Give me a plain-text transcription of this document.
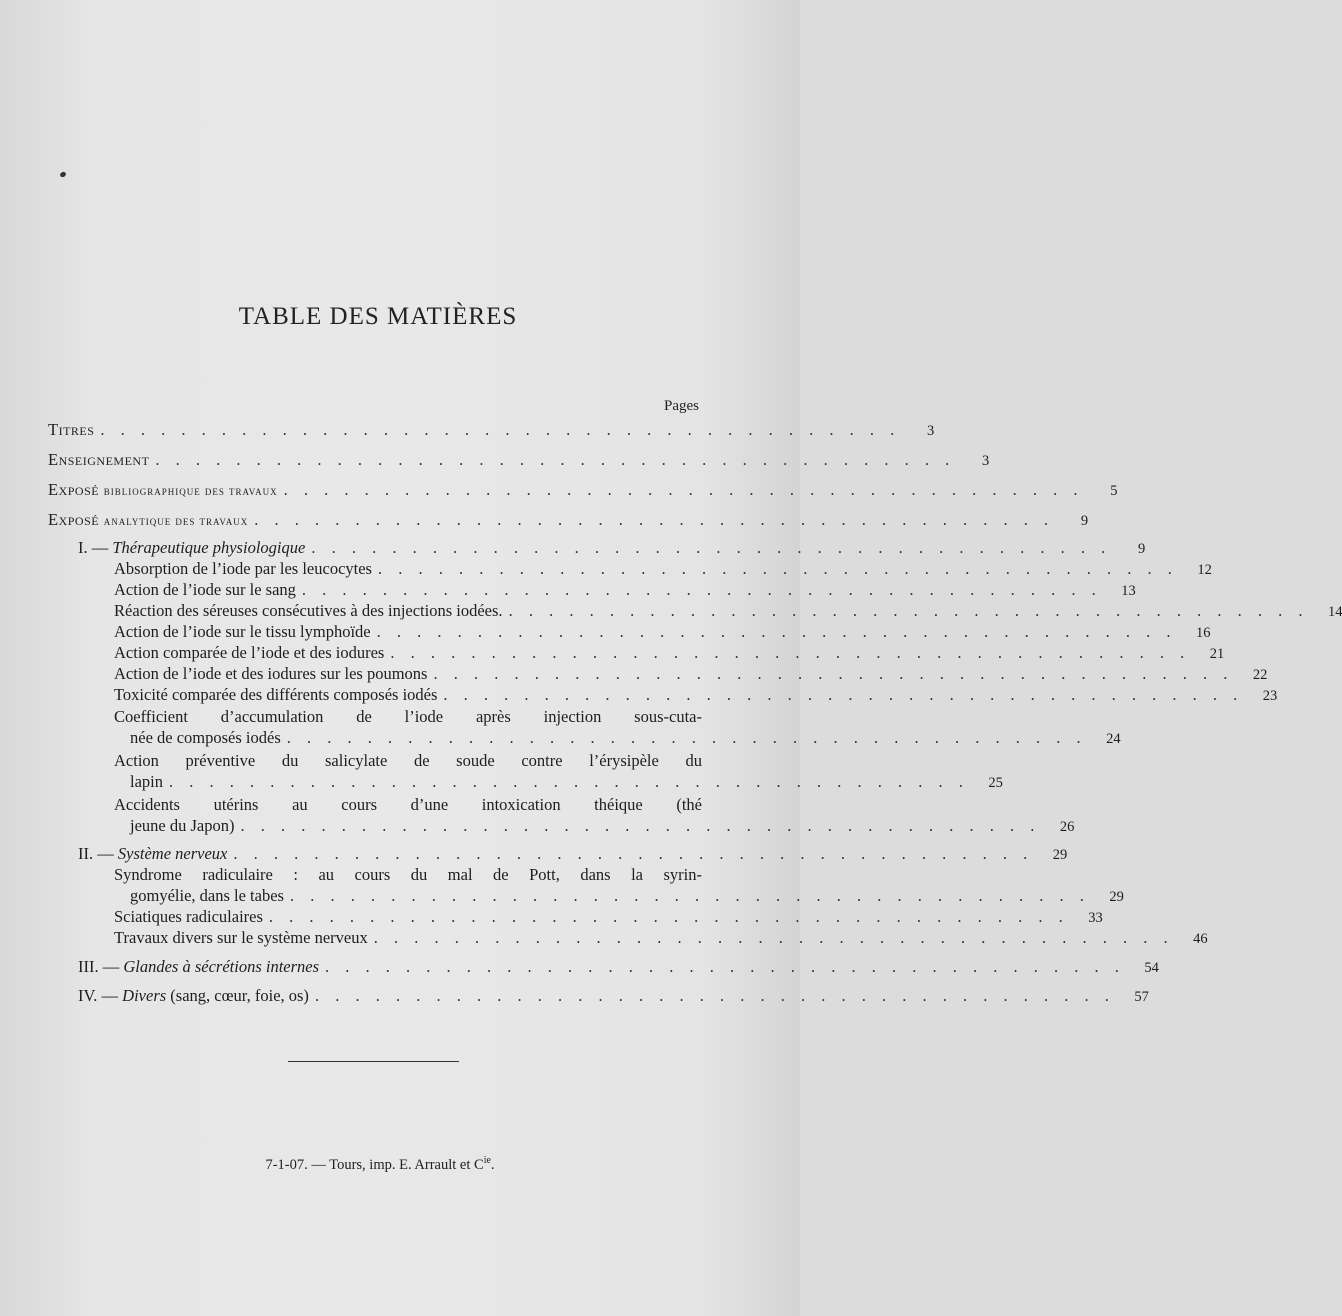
TABLE DES MATIÈRES
Pages
Titres . . . . . . . . . . . . . . . . . . . . . . . . . . . . . . . . . . . . . . . .	3
Enseignement . . . . . . . . . . . . . . . . . . . . . . . . . . . . . . . . . . . . . . . .	3
Exposé bibliographique des travaux . . . . . . . . . . . . . . . . . . . . . . . . . . . . . . . . . . . . . . . .	5
Exposé analytique des travaux . . . . . . . . . . . . . . . . . . . . . . . . . . . . . . . . . . . . . . . .	9
I. — Thérapeutique physiologique . . . . . . . . . . . . . . . . . . . . . . . . . . . . . . . . . . . . . . . .	9
Absorption de l’iode par les leucocytes . . . . . . . . . . . . . . . . . . . . . . . . . . . . . . . . . . . . . . . .	12
Action de l’iode sur le sang . . . . . . . . . . . . . . . . . . . . . . . . . . . . . . . . . . . . . . . .	13
Réaction des séreuses consécutives à des injections iodées. . . . . . . . . . . . . . . . . . . . . . . . . . . . . . . . . . . . . . . . .	14
Action de l’iode sur le tissu lymphoïde . . . . . . . . . . . . . . . . . . . . . . . . . . . . . . . . . . . . . . . .	16
Action comparée de l’iode et des iodures . . . . . . . . . . . . . . . . . . . . . . . . . . . . . . . . . . . . . . . .	21
Action de l’iode et des iodures sur les poumons . . . . . . . . . . . . . . . . . . . . . . . . . . . . . . . . . . . . . . . .	22
Toxicité comparée des différents composés iodés . . . . . . . . . . . . . . . . . . . . . . . . . . . . . . . . . . . . . . . .	23
Coefficient d’accumulation de l’iode après injection sous-cuta-
née de composés iodés . . . . . . . . . . . . . . . . . . . . . . . . . . . . . . . . . . . . . . . .	24
Action préventive du salicylate de soude contre l’érysipèle du
lapin . . . . . . . . . . . . . . . . . . . . . . . . . . . . . . . . . . . . . . . .	25
Accidents utérins au cours d’une intoxication théique (thé
jeune du Japon) . . . . . . . . . . . . . . . . . . . . . . . . . . . . . . . . . . . . . . . .	26
II. — Système nerveux . . . . . . . . . . . . . . . . . . . . . . . . . . . . . . . . . . . . . . . .	29
Syndrome radiculaire : au cours du mal de Pott, dans la syrin-
gomyélie, dans le tabes . . . . . . . . . . . . . . . . . . . . . . . . . . . . . . . . . . . . . . . .	29
Sciatiques radiculaires . . . . . . . . . . . . . . . . . . . . . . . . . . . . . . . . . . . . . . . .	33
Travaux divers sur le système nerveux . . . . . . . . . . . . . . . . . . . . . . . . . . . . . . . . . . . . . . . .	46
III. — Glandes à sécrétions internes . . . . . . . . . . . . . . . . . . . . . . . . . . . . . . . . . . . . . . . .	54
IV. — Divers (sang, cœur, foie, os) . . . . . . . . . . . . . . . . . . . . . . . . . . . . . . . . . . . . . . . .	57
7-1-07. — Tours, imp. E. Arrault et $C^{ie}$.
